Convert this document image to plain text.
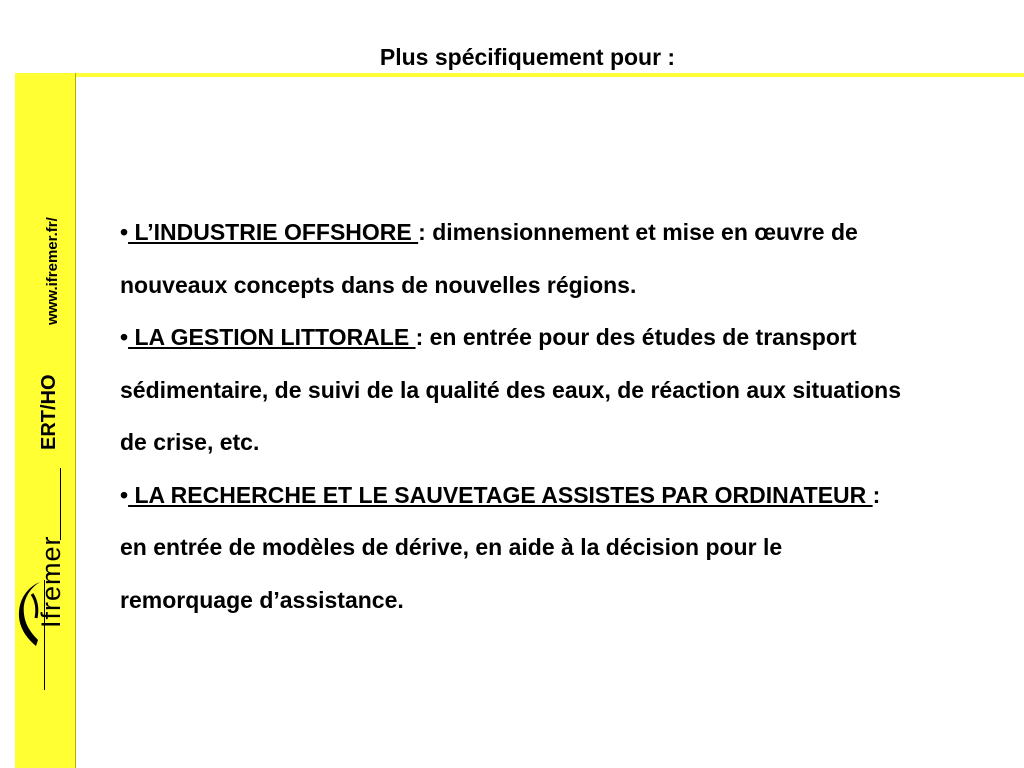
Plus spécifiquement pour :
www.ifremer.fr/
ERT/HO
Ifremer

• L’INDUSTRIE OFFSHORE : dimensionnement et mise en œuvre de nouveaux concepts dans de nouvelles régions.

• LA GESTION LITTORALE : en entrée pour des études de transport sédimentaire, de suivi de la qualité des eaux, de réaction aux situations de crise, etc.

• LA RECHERCHE ET LE SAUVETAGE ASSISTES PAR ORDINATEUR : en entrée de modèles de dérive, en aide à la décision pour le remorquage d’assistance.
